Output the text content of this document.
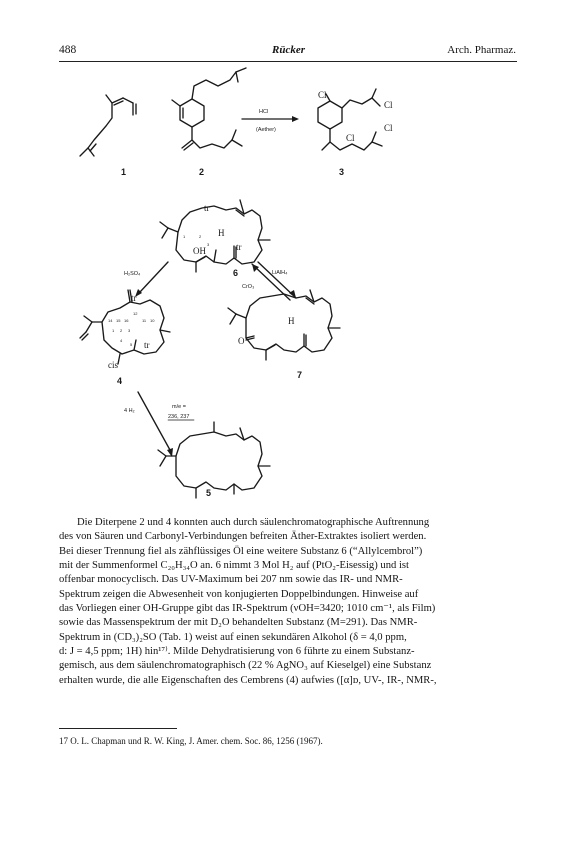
488	Rücker	Arch. Pharmaz.
1	2
HCl
(Aether)
Cl
Cl
Cl
Cl
3
tr
tr
H
OH
1	2
3
6
H₂SO₄	LiAlH₄
CrO₃
tr
tr
cis
14 15 16
12
11 10
1 2 3
4
5
4
H
O
7
4 H₂
m/e =
236, 237
5
Die Diterpene 2 und 4 konnten auch durch säulenchromatographische Auftrennung
des von Säuren und Carbonyl-Verbindungen befreiten Äther-Extraktes isoliert werden.
Bei dieser Trennung fiel als zähflüssiges Öl eine weitere Substanz 6 (“Allylcembrol”)
mit der Summenformel C₂₀H₃₄O an. 6 nimmt 3 Mol H₂ auf (PtO₂-Eisessig) und ist
offenbar monocyclisch. Das UV-Maximum bei 207 nm sowie das IR- und NMR-
Spektrum zeigen die Abwesenheit von konjugierten Doppelbindungen. Hinweise auf
das Vorliegen einer OH-Gruppe gibt das IR-Spektrum (νOH=3420; 1010 cm⁻¹, als Film)
sowie das Massenspektrum der mit D₂O behandelten Substanz (M=291). Das NMR-
Spektrum in (CD₃)₂SO (Tab. 1) weist auf einen sekundären Alkohol (δ = 4,0 ppm,
d: J = 4,5 ppm; 1H) hin¹⁷⁾. Milde Dehydratisierung von 6 führte zu einem Substanz-
gemisch, aus dem säulenchromatographisch (22 % AgNO₃ auf Kieselgel) eine Substanz
erhalten wurde, die alle Eigenschaften des Cembrens (4) aufwies ([α]ᴅ, UV-, IR-, NMR-,
17 O. L. Chapman und R. W. King, J. Amer. chem. Soc. 86, 1256 (1967).
